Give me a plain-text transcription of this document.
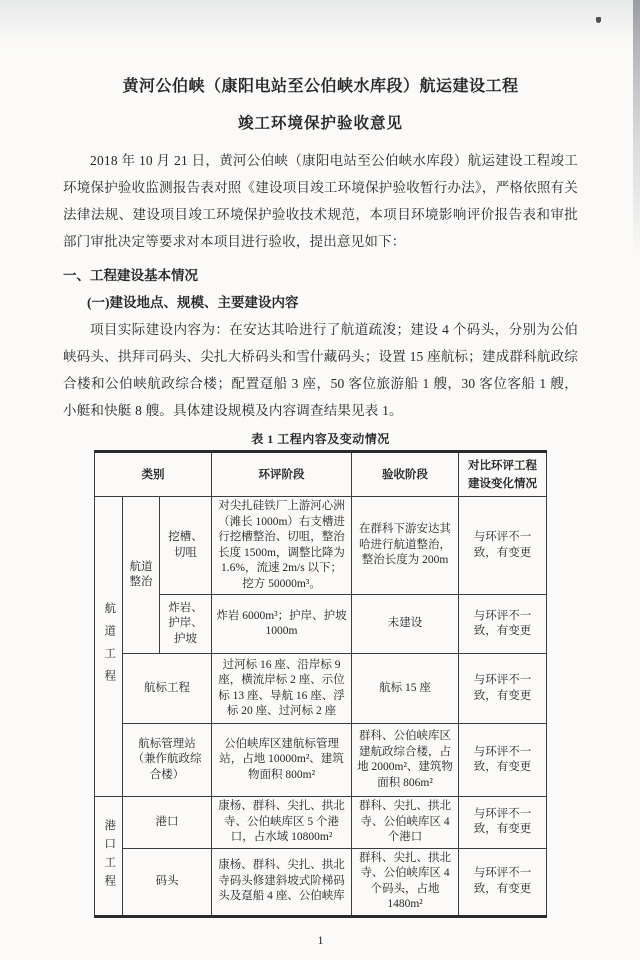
黄河公伯峡（康阳电站至公伯峡水库段）航运建设工程
竣工环境保护验收意见

2018 年 10 月 21 日，黄河公伯峡（康阳电站至公伯峡水库段）航运建设工程竣工环境保护验收监测报告表对照《建设项目竣工环境保护验收暂行办法》，严格依照有关法律法规、建设项目竣工环境保护验收技术规范，本项目环境影响评价报告表和审批部门审批决定等要求对本项目进行验收，提出意见如下：

一、工程建设基本情况

(一)建设地点、规模、主要建设内容

项目实际建设内容为：在安达其哈进行了航道疏浚；建设 4 个码头，分别为公伯峡码头、拱拜司码头、尖扎大桥码头和雪什藏码头；设置 15 座航标；建成群科航政综合楼和公伯峡航政综合楼；配置趸船 3 座，50 客位旅游船 1 艘，30 客位客船 1 艘，小艇和快艇 8 艘。具体建设规模及内容调查结果见表 1。

表 1 工程内容及变动情况
类别			环评阶段	验收阶段	对比环评工程建设变化情况

航道工程	航道整治	挖槽、切咀	对尖扎硅铁厂上游河心洲（滩长 1000m）右支槽进行挖槽整治、切咀，整治长度 1500m，调整比降为 1.6%，流速 2m/s 以下；挖方 50000m³。	在群科下游安达其哈进行航道整治，整治长度为 200m	与环评不一致，有变更
		炸岩、护岸、护坡	炸岩 6000m³；护岸、护坡 1000m	未建设	与环评不一致，有变更
	航标工程		过河标 16 座、沿岸标 9 座，横流岸标 2 座、示位标 13 座、导航 16 座、浮标 20 座、过河标 2 座	航标 15 座	与环评不一致，有变更
	航标管理站（兼作航政综合楼）		公伯峡库区建航标管理站，占地 10000m²、建筑物面积 800m²	群科、公伯峡库区建航政综合楼，占地 2000m²、建筑物面积 806m²	与环评不一致，有变更

港口工程	港口		康杨、群科、尖扎、拱北寺、公伯峡库区 5 个港口，占水域 10800m²	群科、尖扎、拱北寺、公伯峡库区 4 个港口	与环评不一致，有变更
	码头		康杨、群科、尖扎、拱北寺码头修建斜坡式阶梯码头及趸船 4 座、公伯峡库	群科、尖扎、拱北寺、公伯峡库区 4 个码头，占地 1480m²	与环评不一致，有变更
1
